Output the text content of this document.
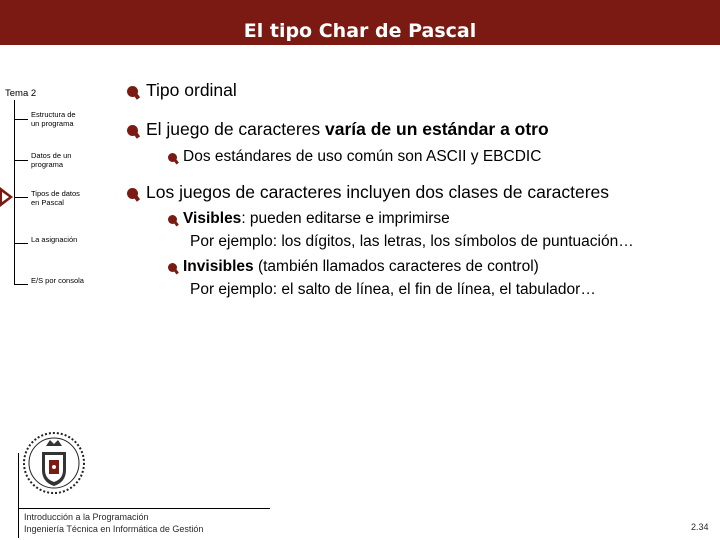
El tipo Char de Pascal
Tema 2
Estructura de
un programa
Datos de un
programa
Tipos de datos
en Pascal
La asignación
E/S por consola
Tipo ordinal
El juego de caracteres varía de un estándar a otro
Dos estándares de uso común son ASCII y EBCDIC
Los juegos de caracteres incluyen dos clases de caracteres
Visibles: pueden editarse e imprimirse
Por ejemplo: los dígitos, las letras, los símbolos de puntuación…
Invisibles (también llamados caracteres de control)
Por ejemplo: el salto de línea, el fin de línea, el tabulador…
Introducción a la Programación
Ingeniería Técnica en Informática de Gestión	2.34
